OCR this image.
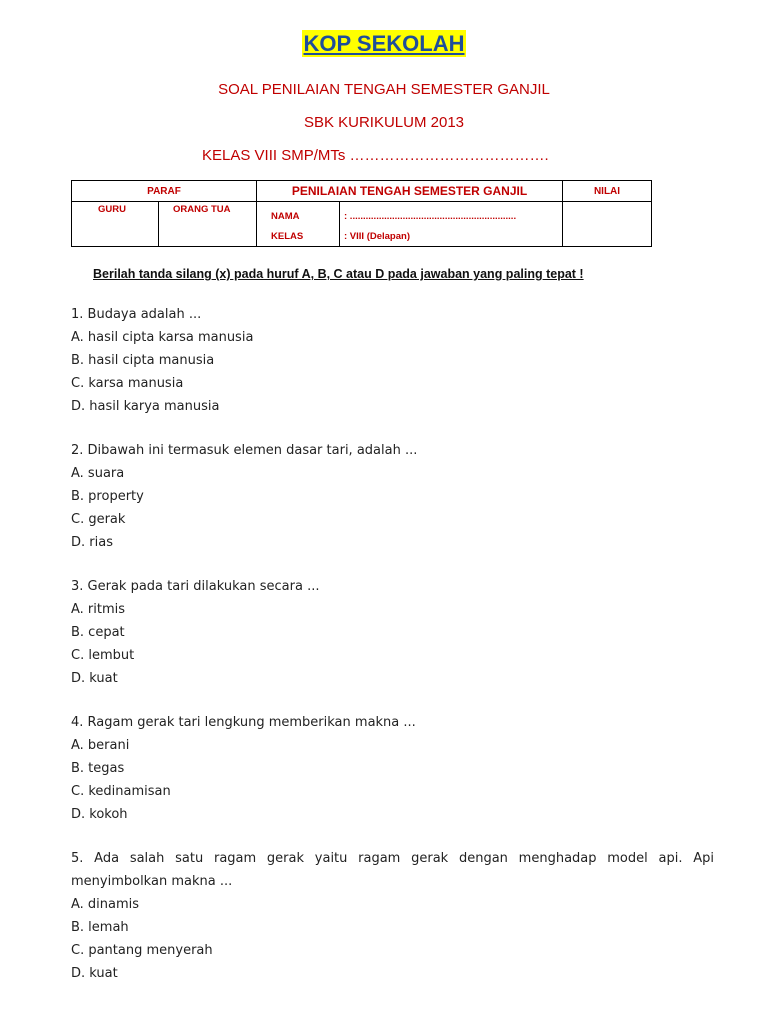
KOP SEKOLAH
SOAL PENILAIAN TENGAH SEMESTER GANJIL
SBK KURIKULUM 2013
KELAS VIII SMP/MTs ………………………………….
PARAF	PENILAIAN TENGAH SEMESTER GANJIL	NILAI
GURU	ORANG TUA	
NAMA	: ...............................................................
KELAS	: VIII (Delapan)

Berilah tanda silang (x) pada huruf A, B, C atau D pada jawaban yang paling tepat !
1. Budaya adalah ...
A. hasil cipta karsa manusia
B. hasil cipta manusia
C. karsa manusia
D. hasil karya manusia
2. Dibawah ini termasuk elemen dasar tari, adalah ...
A. suara
B. property
C. gerak
D. rias
3. Gerak pada tari dilakukan secara ...
A. ritmis
B. cepat
C. lembut
D. kuat
4. Ragam gerak tari lengkung memberikan makna ...
A. berani
B. tegas
C. kedinamisan
D. kokoh
5. Ada salah satu ragam gerak yaitu ragam gerak dengan menghadap model api. Api menyimbolkan makna ...
A. dinamis
B. lemah
C. pantang menyerah
D. kuat
